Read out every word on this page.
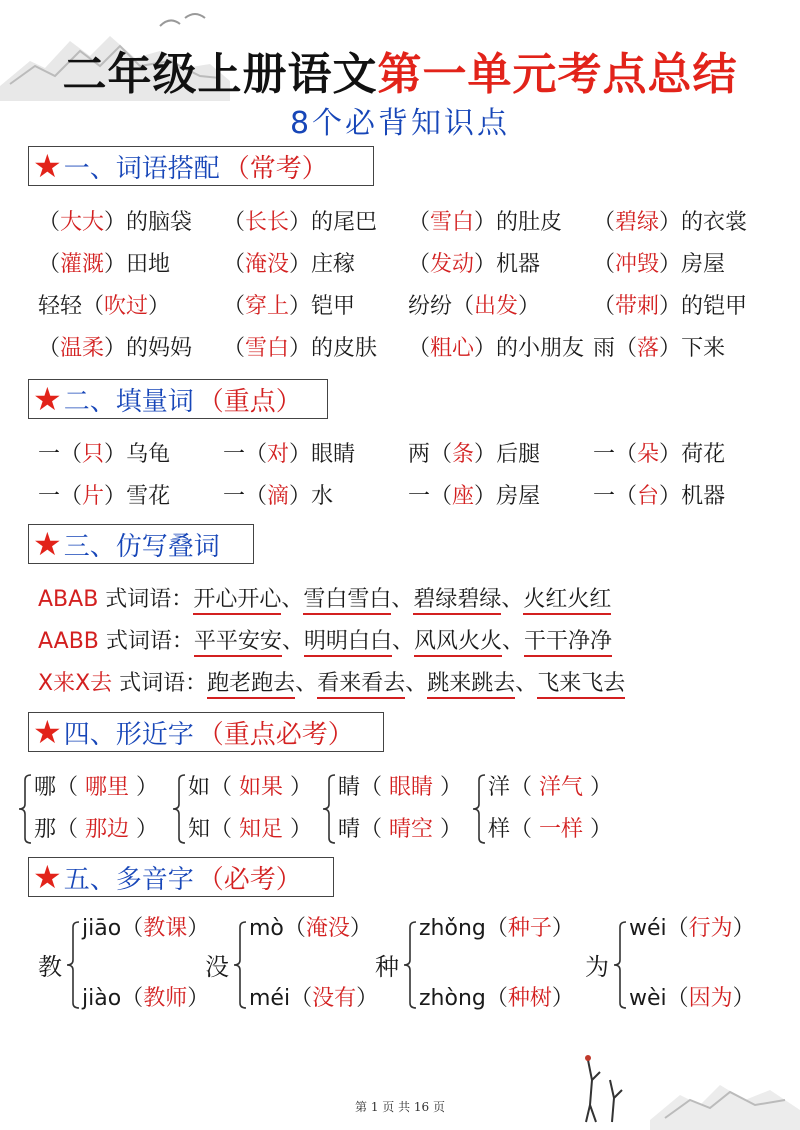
二年级上册语文第一单元考点总结
8个必背知识点
★ 一、词语搭配 （常考）
（大大）的脑袋 （长长）的尾巴 （雪白）的肚皮 （碧绿）的衣裳
（灌溉）田地 （淹没）庄稼 （发动）机器 （冲毁）房屋
轻轻（吹过） （穿上）铠甲 纷纷（出发） （带刺）的铠甲
（温柔）的妈妈 （雪白）的皮肤 （粗心）的小朋友 雨（落）下来
★ 二、填量词 （重点）
一（只）乌龟 一（对）眼睛 两（条）后腿 一（朵）荷花
一（片）雪花 一（滴）水	一（座）房屋 一（台）机器
★ 三、仿写叠词
ABAB 式词语：开心开心、雪白雪白、碧绿碧绿、火红火红
AABB 式词语：平平安安、明明白白、风风火火、干干净净
X来X去 式词语：跑老跑去、看来看去、跳来跳去、飞来飞去
★ 四、形近字 （重点必考）
哪（ 哪里 ）
那（ 那边 ）
如（ 如果 ）
知（ 知足 ）
睛（ 眼睛 ）
晴（ 晴空 ）
洋（ 洋气 ）
样（ 一样 ）
★ 五、多音字 （必考）
教
jiāo（教课）
jiào（教师）
没
mò（淹没）
méi（没有）
种
zhǒng（种子）
zhòng（种树）
为
wéi（行为）
wèi（因为）
第 1 页 共 16 页
